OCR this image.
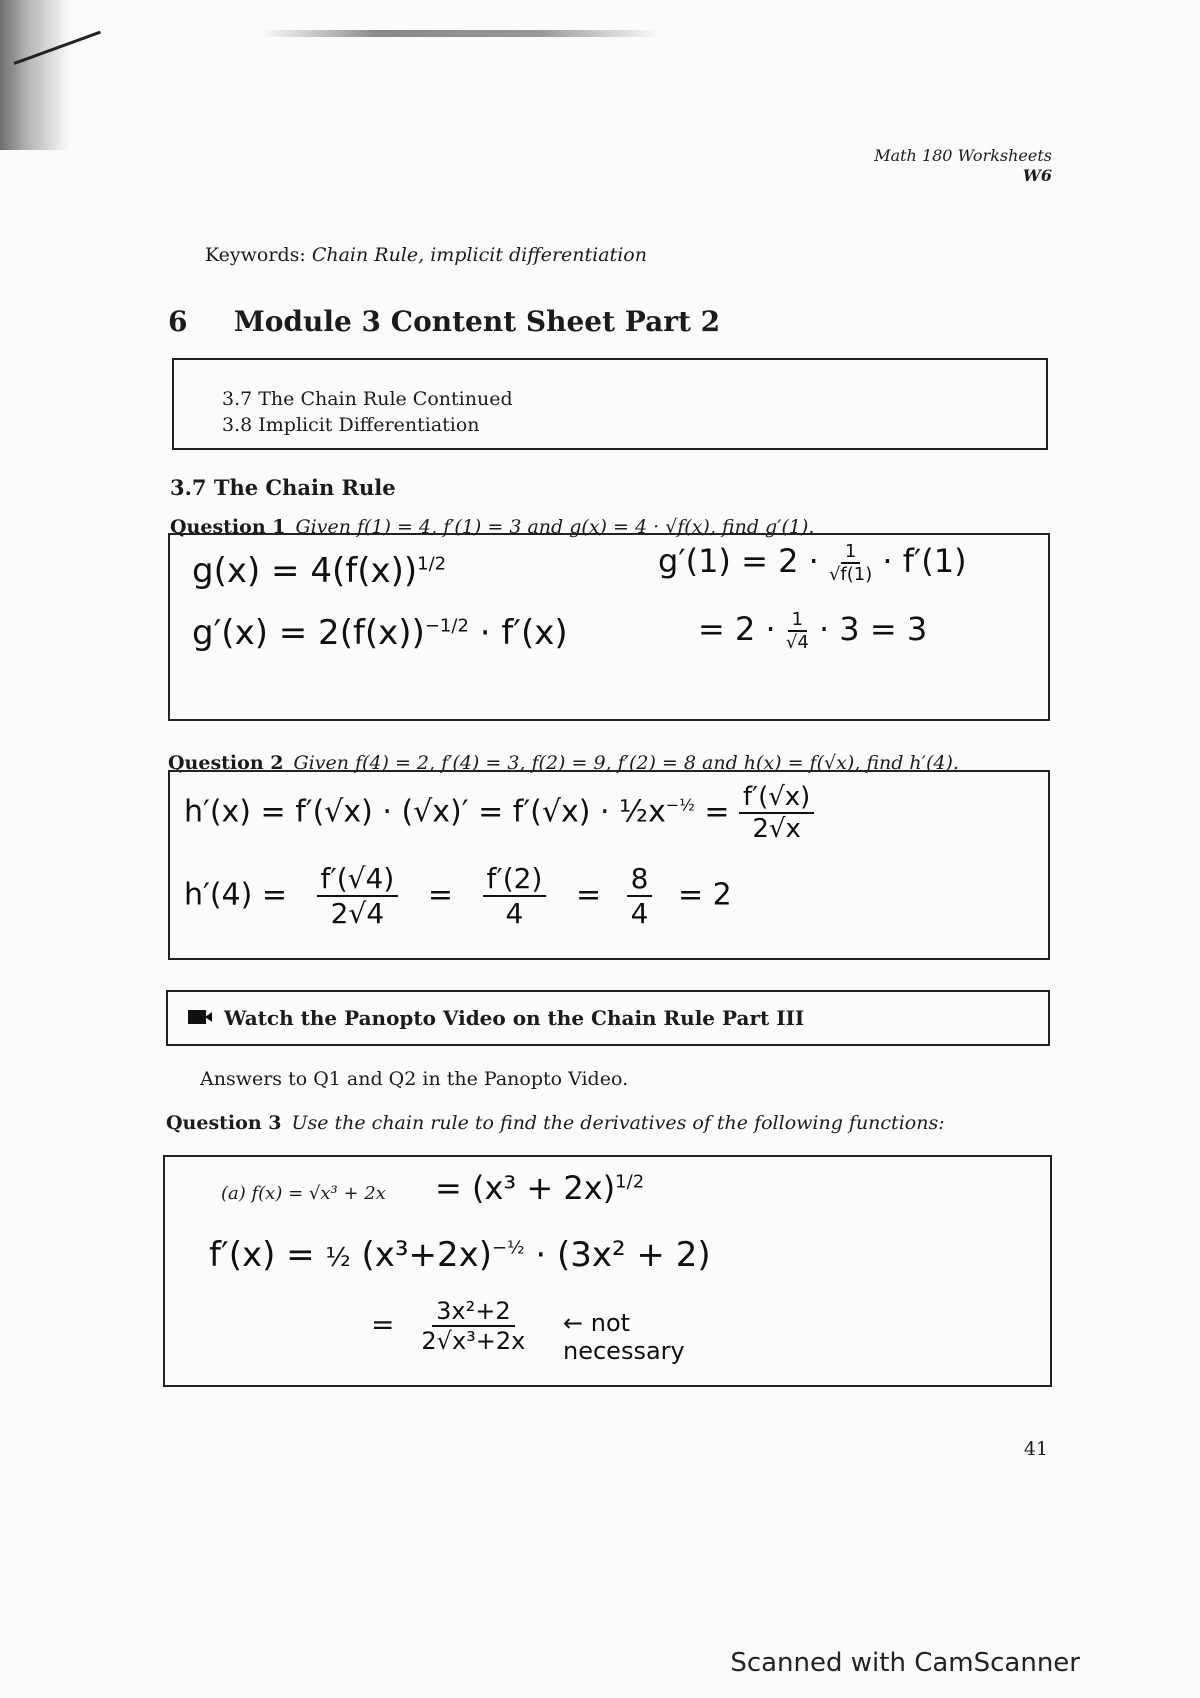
Math 180 Worksheets
W6
Keywords: Chain Rule, implicit differentiation
6 Module 3 Content Sheet Part 2
3.7 The Chain Rule Continued
3.8 Implicit Differentiation
3.7 The Chain Rule
Question 1 Given f(1) = 4, f′(1) = 3 and g(x) = 4 · √f(x), find g′(1).
$g(x) = 4(f(x))^{1/2}$
$g'(x) = 2(f(x))^{-1/2} \cdot f'(x)$
$g'(1) = 2 \cdot \frac{1}{√f(1)} \cdot f'(1)$
= $2 \cdot \frac{1}{√4} \cdot 3 = 3$
Question 2 Given f(4) = 2, f′(4) = 3, f(2) = 9, f′(2) = 8 and h(x) = f(√x), find h′(4).
$h'(x) = f'(√x) \cdot (√x)' = f'(√x) \cdot \frac{1}{2}x^{-\frac{1}{2}} = \frac{f'(√x)}{2√x}$
$h'(4) = \frac{f'(√4)}{2√4} = \frac{f'(2)}{4} = \frac{8}{4} = 2$
Watch the Panopto Video on the Chain Rule Part III
Answers to Q1 and Q2 in the Panopto Video.
Question 3 Use the chain rule to find the derivatives of the following functions:
(a) $f(x) = √x^3 + 2x = (x^3 + 2x)^{1/2}$
f′(x) = ½ $(x^3+2x)^{-\frac{1}{2}} \cdot (3x^2 + 2)$
= $\frac{\text{3x²+2}}{\text{2√x³+2x}}$ ← not necessary
41
Scanned with CamScanner
